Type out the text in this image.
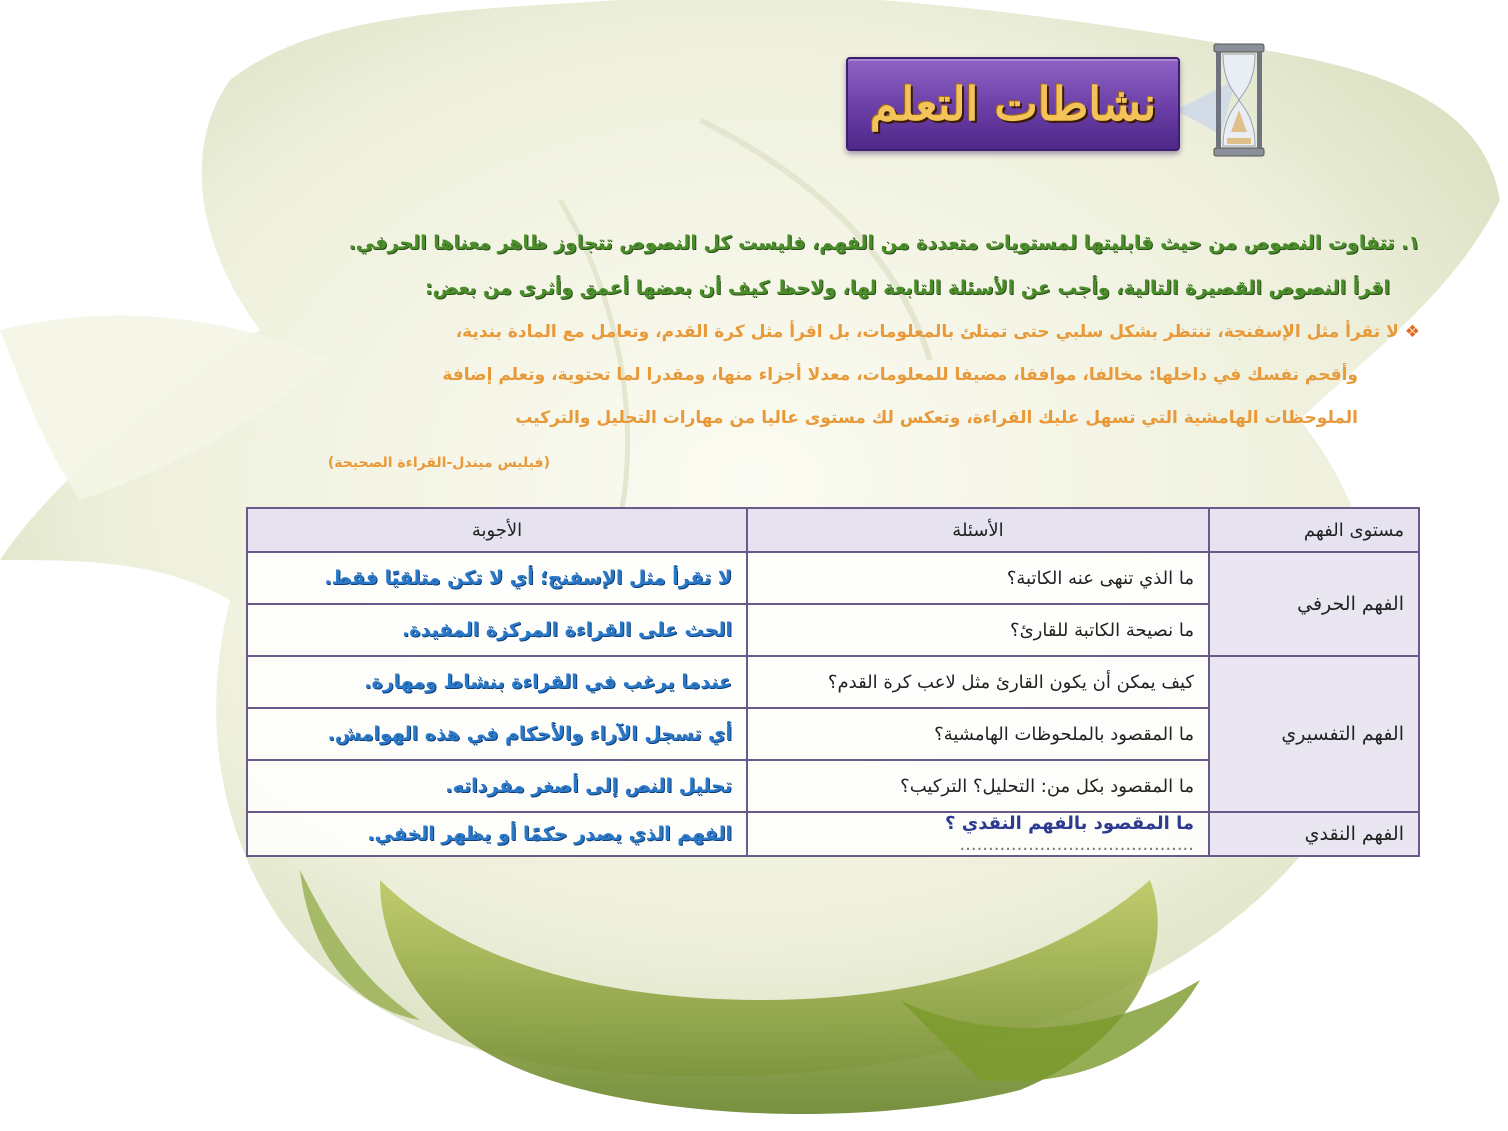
نشاطات التعلم
١. تتفاوت النصوص من حيث قابليتها لمستويات متعددة من الفهم، فليست كل النصوص تتجاوز ظاهر معناها الحرفي.
اقرأ النصوص القصيرة التالية، وأجب عن الأسئلة التابعة لها، ولاحظ كيف أن بعضها أعمق وأثرى من بعض:
❖لا تقرأ مثل الإسفنجة، تنتظر بشكل سلبي حتى تمتلئ بالمعلومات، بل اقرأ مثل كرة القدم، وتعامل مع المادة بندية،
وأقحم نفسك في داخلها: مخالفا، موافقا، مضيفا للمعلومات، معدلا أجزاء منها، ومقدرا لما تحتوية، وتعلم إضافة
الملوحظات الهامشية التي تسهل عليك القراءة، وتعكس لك مستوى عاليا من مهارات التحليل والتركيب
(فيليس ميندل-القراءة الصحيحة)
مستوى الفهم	الأسئلة	الأجوبة
الفهم الحرفي	ما الذي تنهى عنه الكاتبة؟	لا تقرأ مثل الإسفنج؛ أي لا تكن متلقيًا فقط.
	ما نصيحة الكاتبة للقارئ؟	الحث على القراءة المركزة المفيدة.
الفهم التفسيري	كيف يمكن أن يكون القارئ مثل لاعب كرة القدم؟	عندما يرغب في القراءة بنشاط ومهارة.
	ما المقصود بالملحوظات الهامشية؟	أي تسجل الآراء والأحكام في هذه الهوامش.
	ما المقصود بكل من: التحليل؟ التركيب؟	تحليل النص إلى أصغر مفرداته.
الفهم النقدي	ما المقصود بالفهم النقدي ؟ .........................................	الفهم الذي يصدر حكمًا أو يظهر الخفي.
